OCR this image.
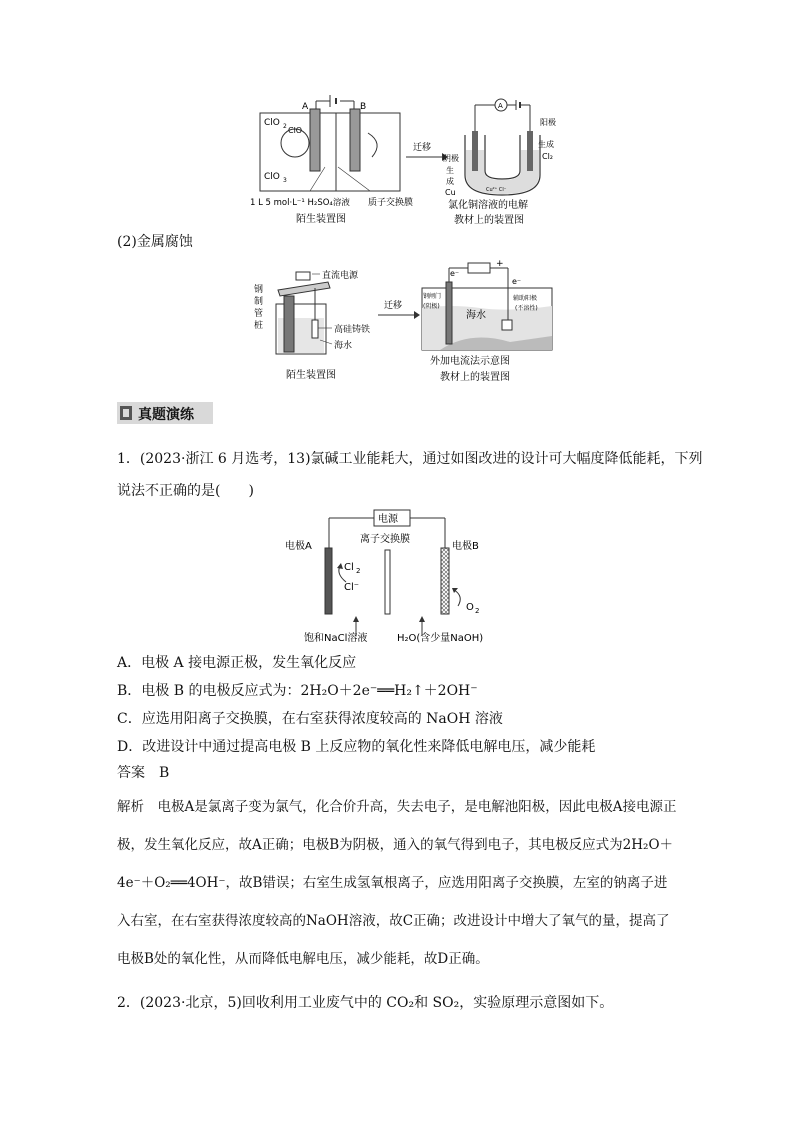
A	B
ClO 2 ClO
ClO 3
1 L 5 mol·L⁻¹ H₂SO₄溶液 质子交换膜
陌生装置图
迁移
A
阴极
生
成
Cu
阳极
生成
Cl₂
Cu²⁺ Cl⁻
氯化铜溶液的电解
教材上的装置图
(2)金属腐蚀
钢
制
管
桩
直流电源
高硅铸铁
海水
陌生装置图
迁移
e⁻
+
e⁻
钢闸门
(阴极)
海水
辅助阳极
(不溶性)
外加电流法示意图
教材上的装置图
真题演练
1．(2023·浙江 6 月选考，13)氯碱工业能耗大，通过如图改进的设计可大幅度降低能耗，下列
说法不正确的是(　　)
电源
电极A
离子交换膜
电极B
Cl 2
Cl⁻
O 2
饱和NaCl溶液	H₂O(含少量NaOH)
A．电极 A 接电源正极，发生氧化反应
B．电极 B 的电极反应式为：2H₂O＋2e⁻══H₂↑＋2OH⁻
C．应选用阳离子交换膜，在右室获得浓度较高的 NaOH 溶液
D．改进设计中通过提高电极 B 上反应物的氧化性来降低电解电压，减少能耗
答案　B
解析　电极A是氯离子变为氯气，化合价升高，失去电子，是电解池阳极，因此电极A接电源正极，发生氧化反应，故A正确；电极B为阴极，通入的氧气得到电子，其电极反应式为2H₂O＋4e⁻＋O₂══4OH⁻，故B错误；右室生成氢氧根离子，应选用阳离子交换膜，左室的钠离子进入右室，在右室获得浓度较高的NaOH溶液，故C正确；改进设计中增大了氧气的量，提高了电极B处的氧化性，从而降低电解电压，减少能耗，故D正确。
2．(2023·北京，5)回收利用工业废气中的 CO₂和 SO₂，实验原理示意图如下。
